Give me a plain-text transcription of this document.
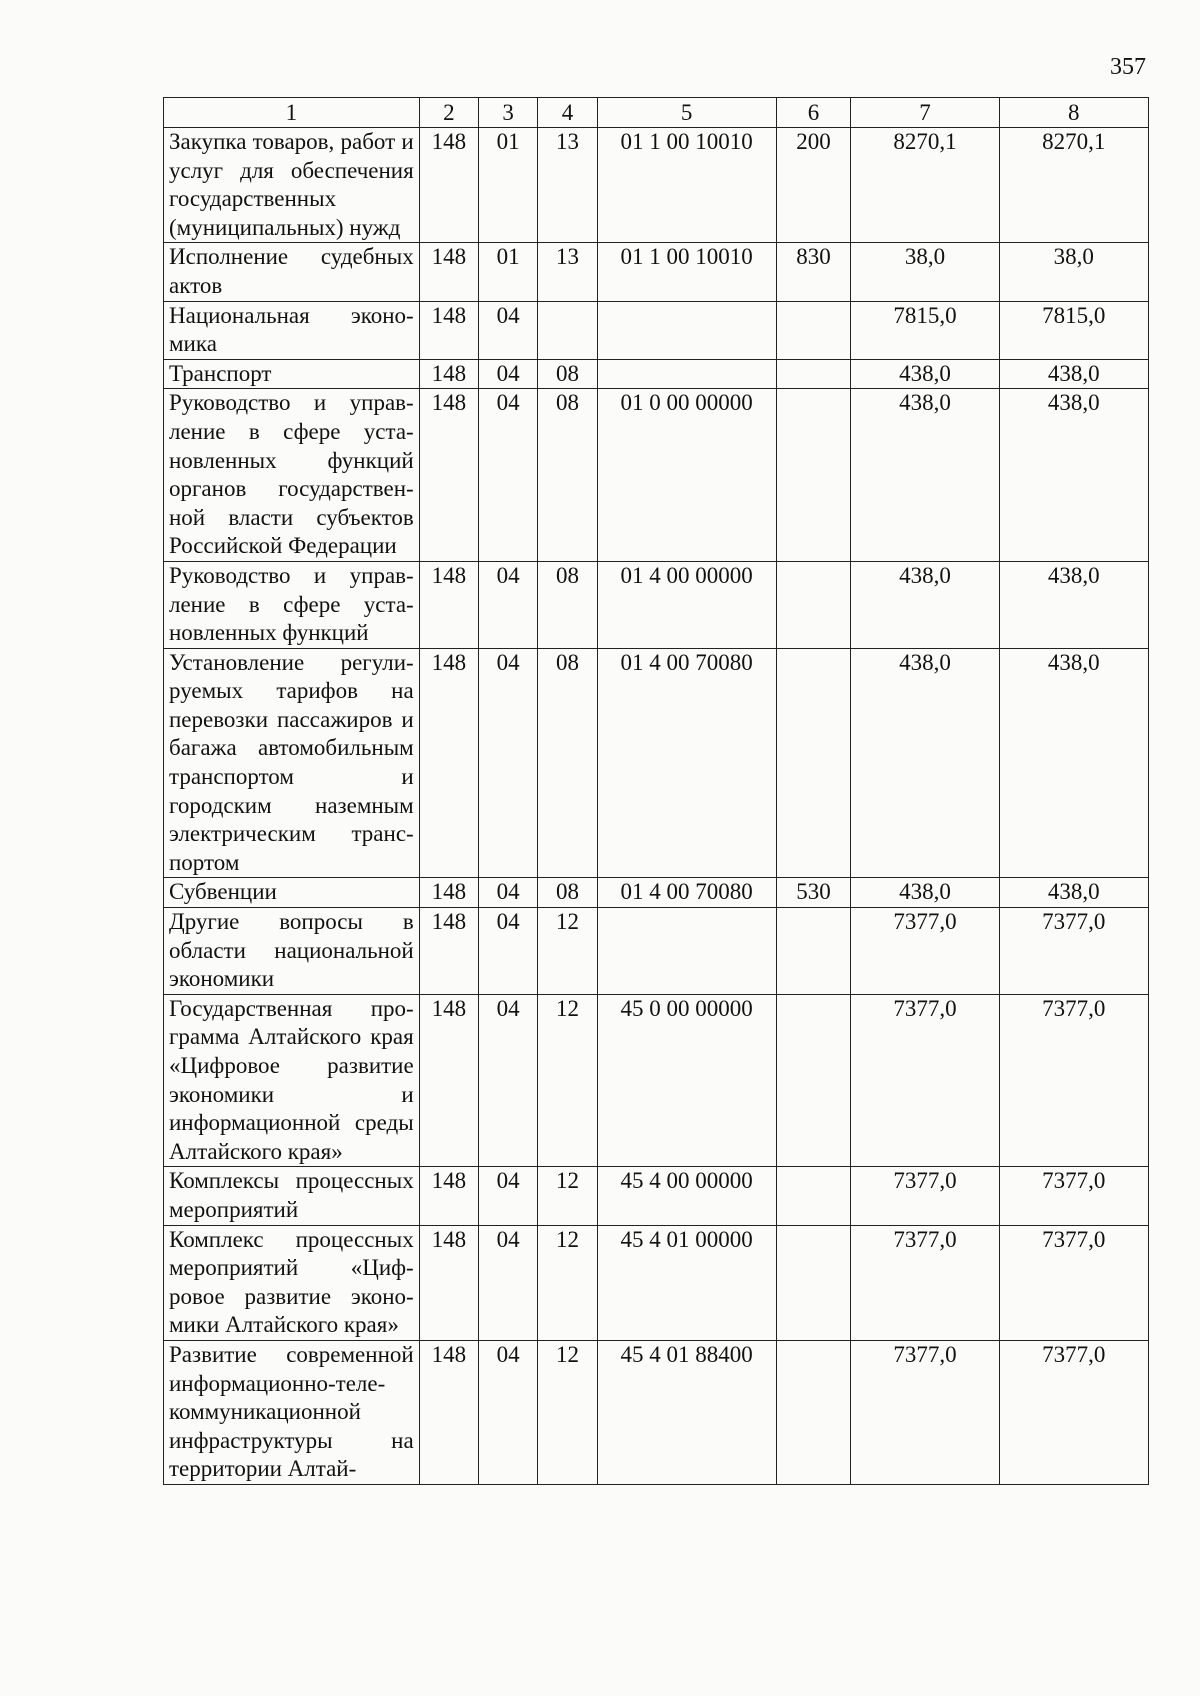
357
1	2	3	4	5	6	7	8
Закупка товаров, работ и услуг для обеспечения государственных (муниципальных) нужд	148	01	13	01 1 00 10010	200	8270,1	8270,1
Исполнение судебных актов	148	01	13	01 1 00 10010	830	38,0	38,0
Национальная экономика	148	04				7815,0	7815,0
Транспорт	148	04	08			438,0	438,0
Руководство и управление в сфере установленных функций органов государственной власти субъектов Российской Федерации	148	04	08	01 0 00 00000		438,0	438,0
Руководство и управление в сфере установленных функций	148	04	08	01 4 00 00000		438,0	438,0
Установление регулируемых тарифов на перевозки пассажиров и багажа автомобильным транспортом и городским наземным электрическим транспортом	148	04	08	01 4 00 70080		438,0	438,0
Субвенции	148	04	08	01 4 00 70080	530	438,0	438,0
Другие вопросы в области национальной экономики	148	04	12			7377,0	7377,0
Государственная программа Алтайского края «Цифровое развитие экономики и информационной среды Алтайского края»	148	04	12	45 0 00 00000		7377,0	7377,0
Комплексы процессных мероприятий	148	04	12	45 4 00 00000		7377,0	7377,0
Комплекс процессных мероприятий «Цифровое развитие экономики Алтайского края»	148	04	12	45 4 01 00000		7377,0	7377,0
Развитие современной информационно-телекоммуникационной инфраструктуры на территории Алтай-	148	04	12	45 4 01 88400		7377,0	7377,0
